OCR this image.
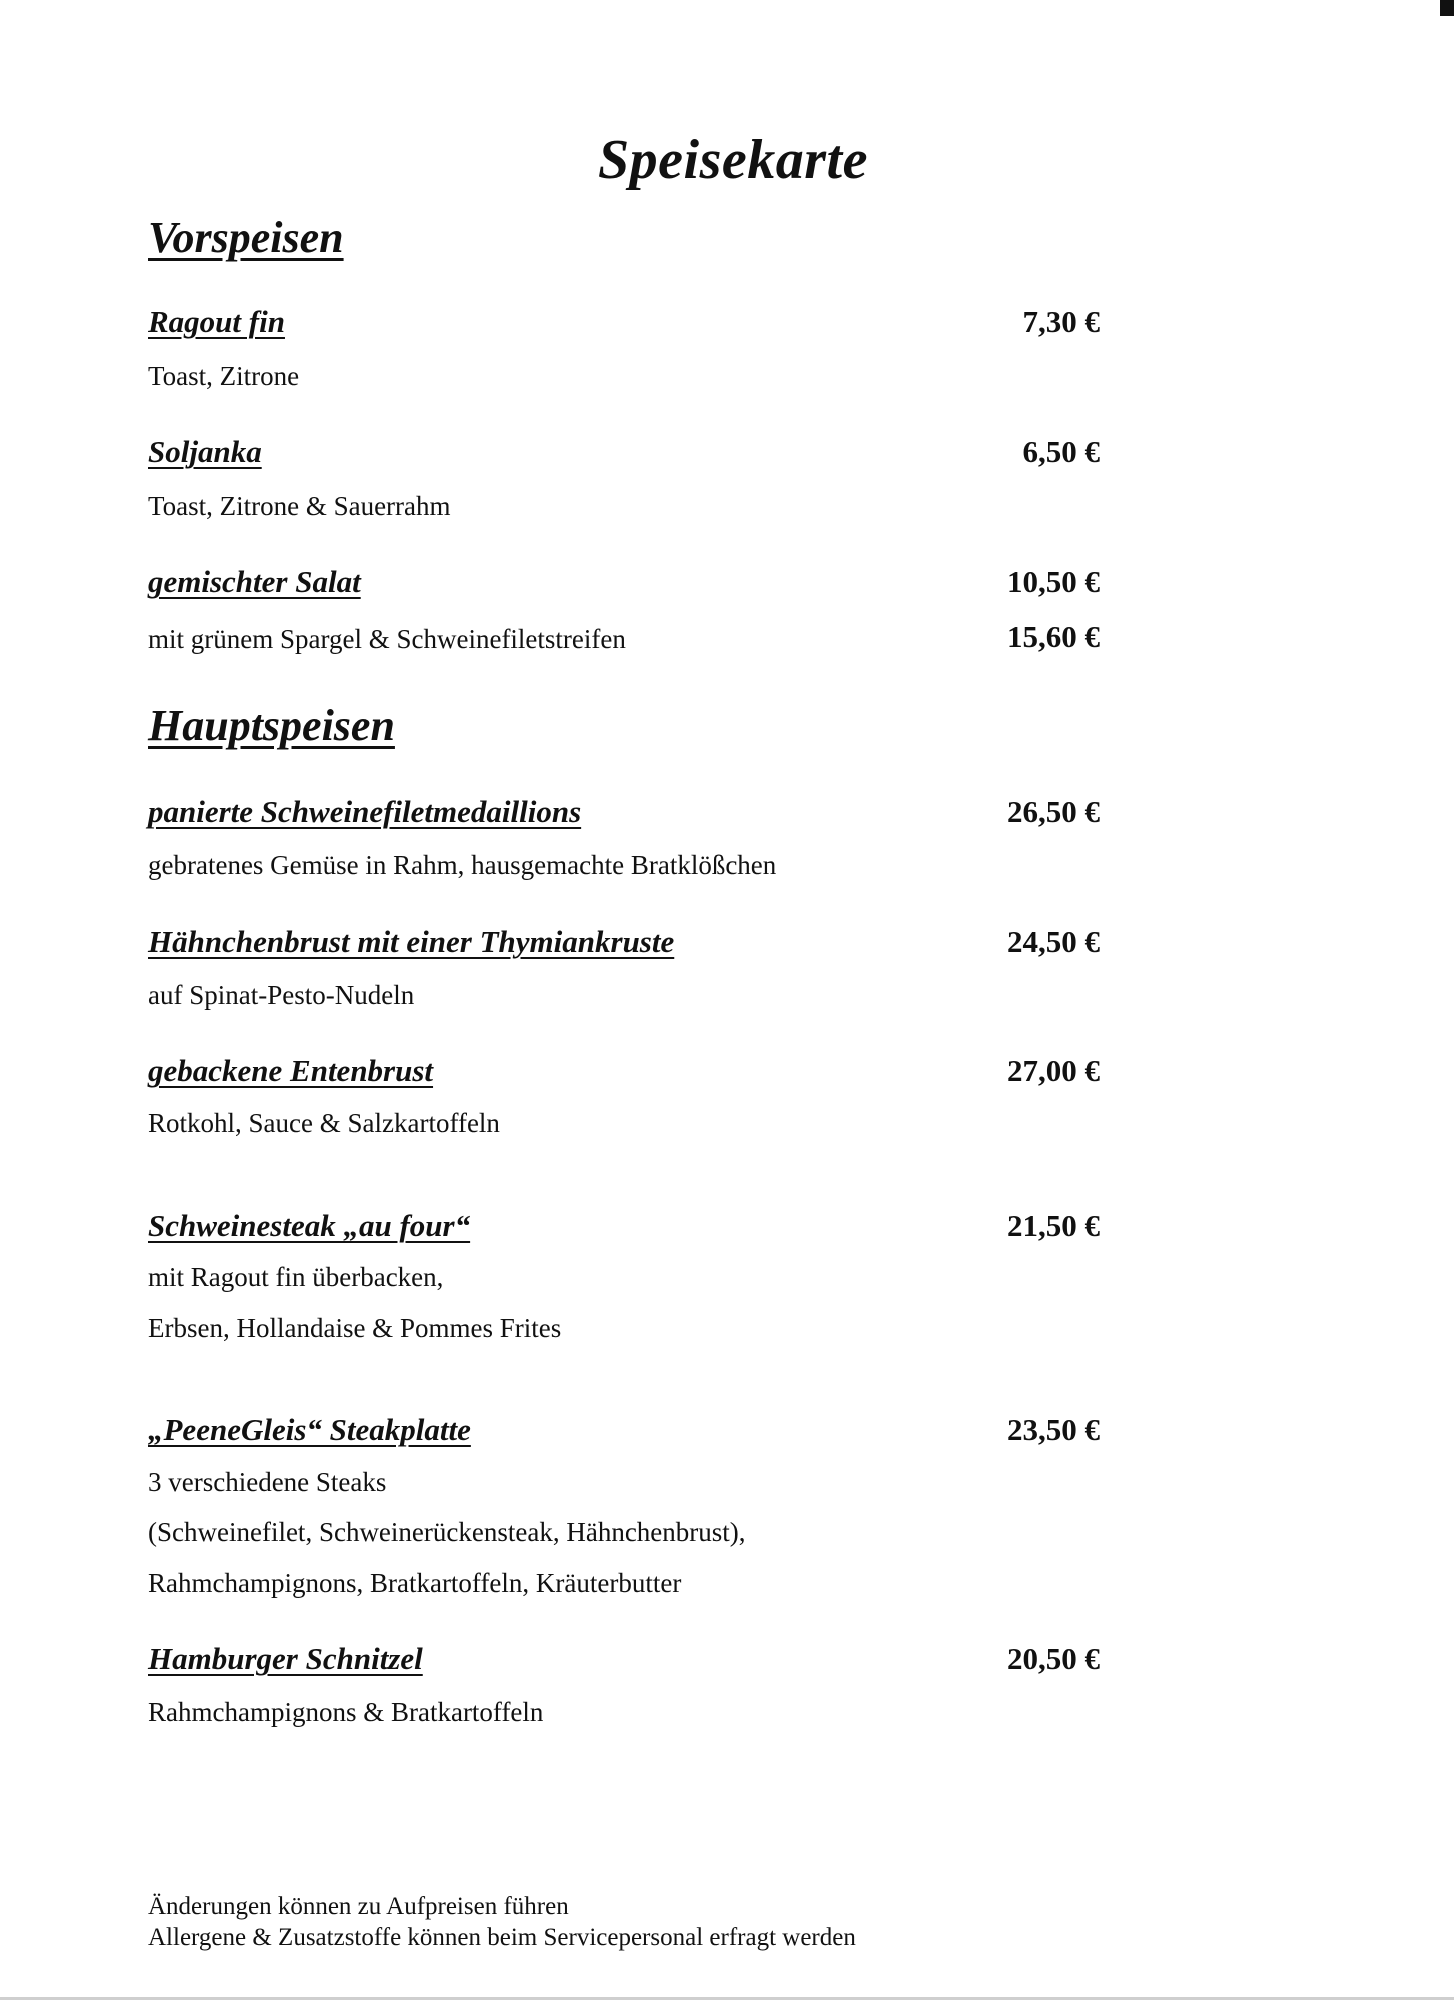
Speisekarte
Vorspeisen
Ragout fin	7,30 €
Toast, Zitrone
Soljanka	6,50 €
Toast, Zitrone & Sauerrahm
gemischter Salat	10,50 €
mit grünem Spargel & Schweinefiletstreifen	15,60 €
Hauptspeisen
panierte Schweinefiletmedaillions	26,50 €
gebratenes Gemüse in Rahm, hausgemachte Bratklößchen
Hähnchenbrust mit einer Thymiankruste	24,50 €
auf Spinat-Pesto-Nudeln
gebackene Entenbrust	27,00 €
Rotkohl, Sauce & Salzkartoffeln
Schweinesteak „au four“	21,50 €
mit Ragout fin überbacken,
Erbsen, Hollandaise & Pommes Frites
„PeeneGleis“ Steakplatte	23,50 €
3 verschiedene Steaks
(Schweinefilet, Schweinerückensteak, Hähnchenbrust),
Rahmchampignons, Bratkartoffeln, Kräuterbutter
Hamburger Schnitzel	20,50 €
Rahmchampignons & Bratkartoffeln
Änderungen können zu Aufpreisen führen
Allergene & Zusatzstoffe können beim Servicepersonal erfragt werden
